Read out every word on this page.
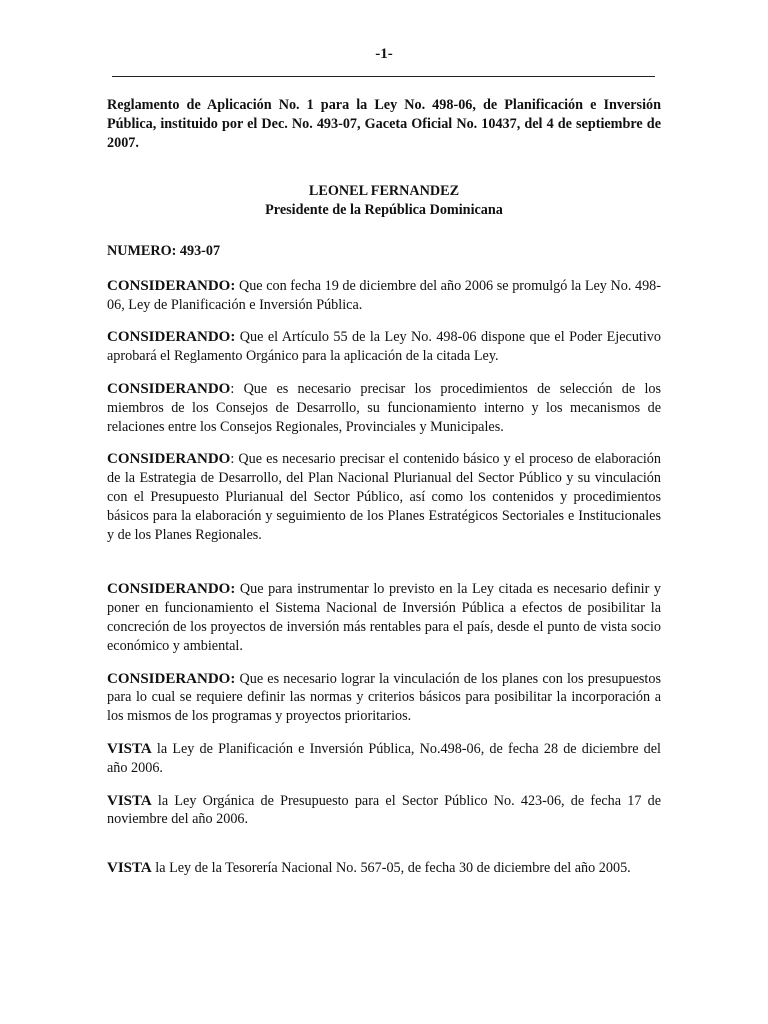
-1-

Reglamento de Aplicación No. 1 para la Ley No. 498-06, de Planificación e Inversión Pública, instituido por el Dec. No. 493-07, Gaceta Oficial No. 10437, del 4 de septiembre de 2007.

LEONEL FERNANDEZ
Presidente de la República Dominicana

NUMERO: 493-07

CONSIDERANDO: Que con fecha 19 de diciembre del año 2006 se promulgó la Ley No. 498-06, Ley de Planificación e Inversión Pública.

CONSIDERANDO: Que el Artículo 55 de la Ley No. 498-06 dispone que el Poder Ejecutivo aprobará el Reglamento Orgánico para la aplicación de la citada Ley.

CONSIDERANDO: Que es necesario precisar los procedimientos de selección de los miembros de los Consejos de Desarrollo, su funcionamiento interno y los mecanismos de relaciones entre los Consejos Regionales, Provinciales y Municipales.

CONSIDERANDO: Que es necesario precisar el contenido básico y el proceso de elaboración de la Estrategia de Desarrollo, del Plan Nacional Plurianual del Sector Público y su vinculación con el Presupuesto Plurianual del Sector Público, así como los contenidos y procedimientos básicos para la elaboración y seguimiento de los Planes Estratégicos Sectoriales e Institucionales y de los Planes Regionales.

CONSIDERANDO: Que para instrumentar lo previsto en la Ley citada es necesario definir y poner en funcionamiento el Sistema Nacional de Inversión Pública a efectos de posibilitar la concreción de los proyectos de inversión más rentables para el país, desde el punto de vista socio económico y ambiental.

CONSIDERANDO: Que es necesario lograr la vinculación de los planes con los presupuestos para lo cual se requiere definir las normas y criterios básicos para posibilitar la incorporación a los mismos de los programas y proyectos prioritarios.

VISTA la Ley de Planificación e Inversión Pública, No.498-06, de fecha 28 de diciembre del año 2006.

VISTA la Ley Orgánica de Presupuesto para el Sector Público No. 423-06, de fecha 17 de noviembre del año 2006.

VISTA la Ley de la Tesorería Nacional No. 567-05, de fecha 30 de diciembre del año 2005.
